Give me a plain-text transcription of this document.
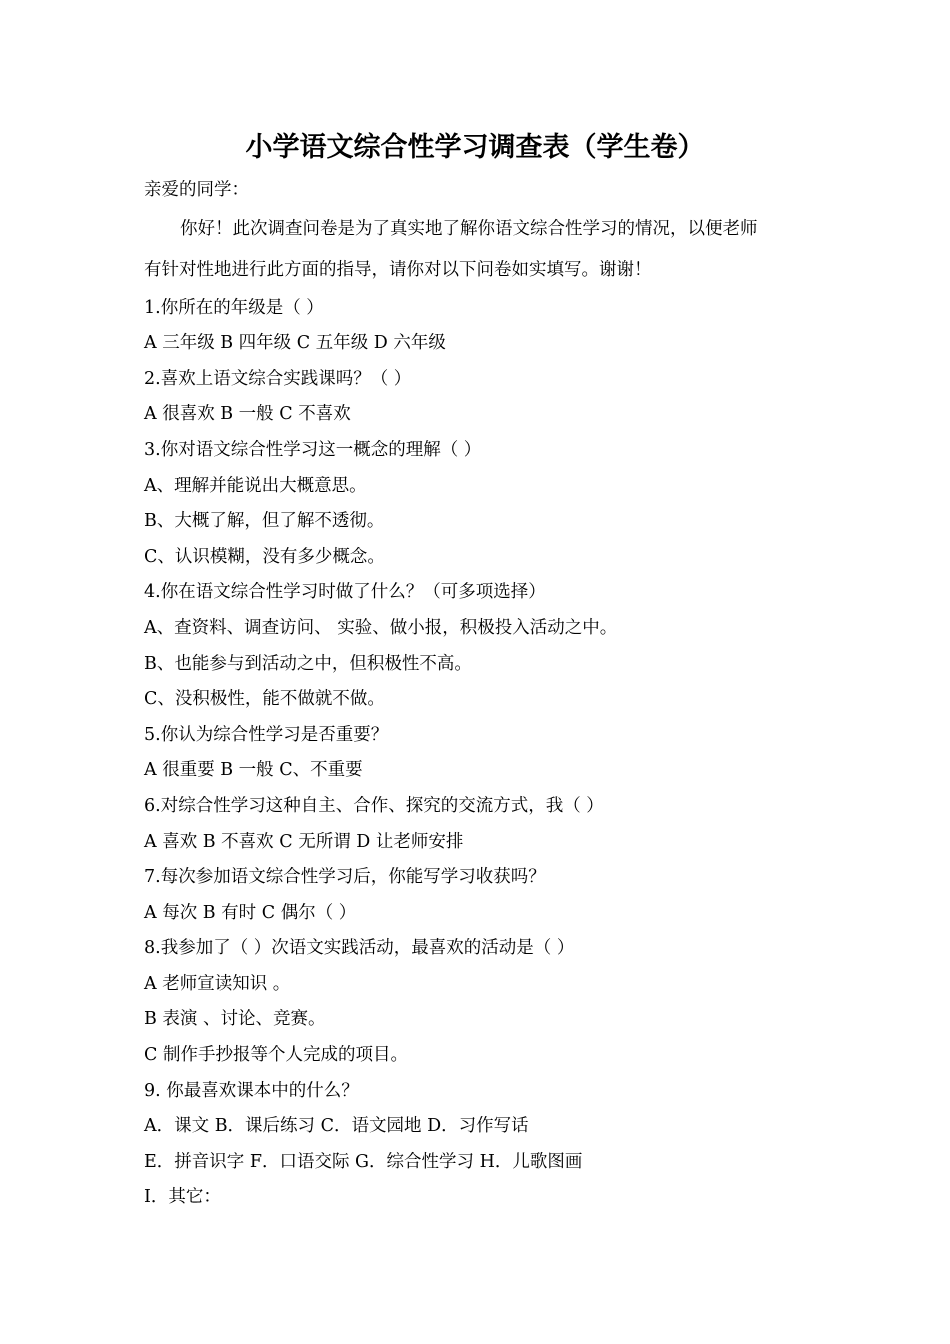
小学语文综合性学习调查表（学生卷）
亲爱的同学：
你好！此次调查问卷是为了真实地了解你语文综合性学习的情况，以便老师
有针对性地进行此方面的指导，请你对以下问卷如实填写。谢谢！
1.你所在的年级是（ ）
A 三年级 B 四年级 C 五年级 D 六年级
2.喜欢上语文综合实践课吗？（ ）
A 很喜欢 B 一般 C 不喜欢
3.你对语文综合性学习这一概念的理解（ ）
A、理解并能说出大概意思。
B、大概了解，但了解不透彻。
C、认识模糊，没有多少概念。
4.你在语文综合性学习时做了什么？（可多项选择）
A、查资料、调查访问、 实验、做小报，积极投入活动之中。
B、也能参与到活动之中，但积极性不高。
C、没积极性，能不做就不做。
5.你认为综合性学习是否重要？
A 很重要 B 一般 C、不重要
6.对综合性学习这种自主、合作、探究的交流方式，我（ ）
A 喜欢 B 不喜欢 C 无所谓 D 让老师安排
7.每次参加语文综合性学习后，你能写学习收获吗？
A 每次 B 有时 C 偶尔（ ）
8.我参加了（ ）次语文实践活动，最喜欢的活动是（ ）
A 老师宣读知识 。
B 表演 、讨论、竞赛。
C 制作手抄报等个人完成的项目。
9. 你最喜欢课本中的什么？
A．课文 B．课后练习 C．语文园地 D．习作写话
E．拼音识字 F．口语交际 G．综合性学习 H．儿歌图画
I．其它：
